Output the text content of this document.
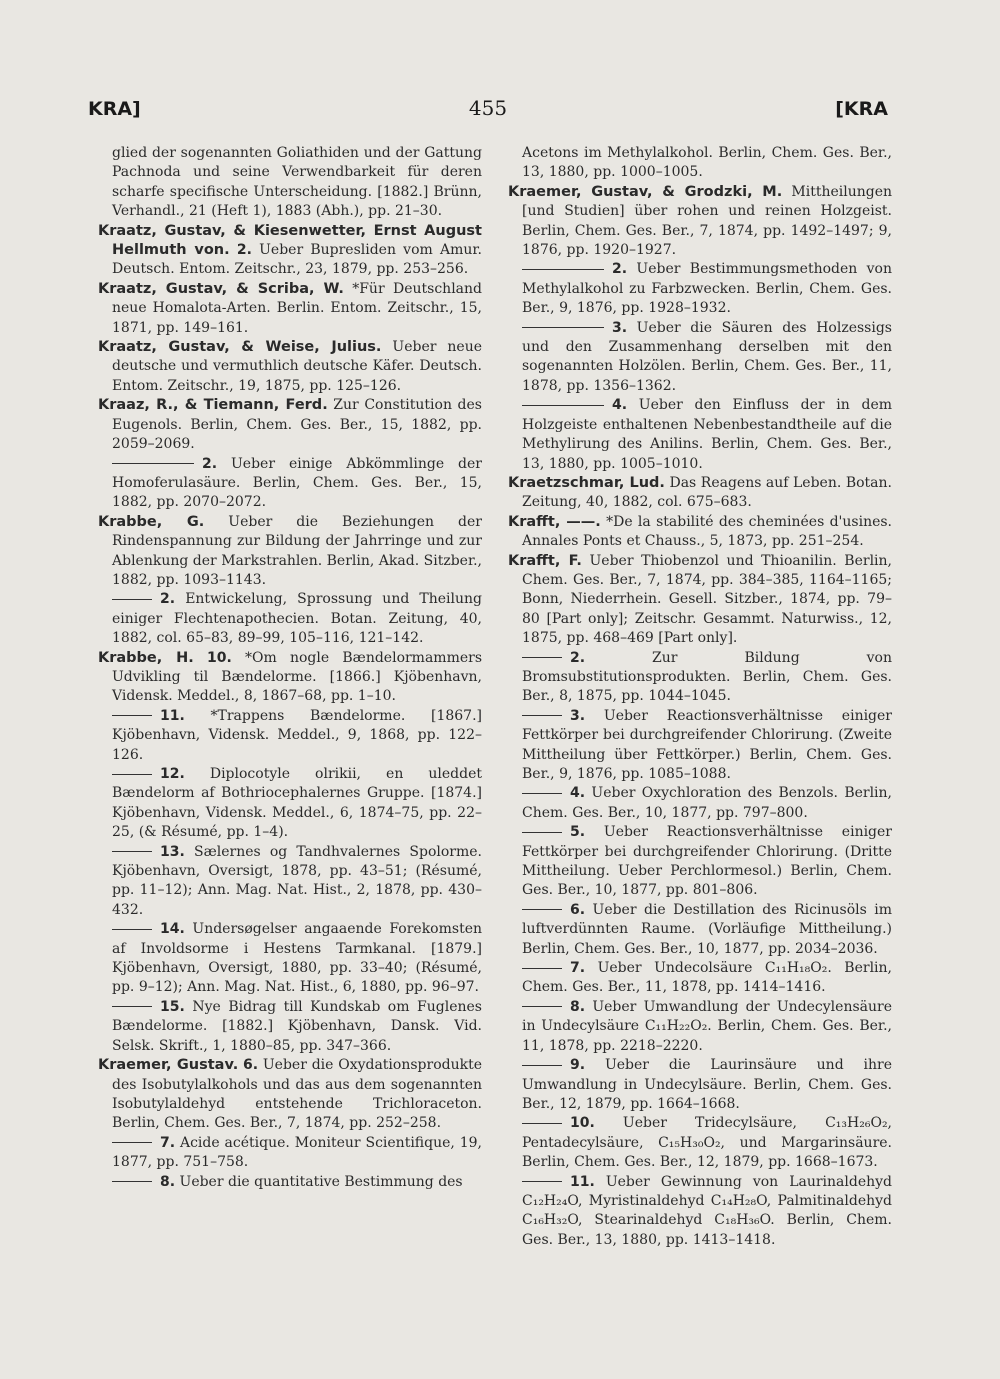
KRA]	455	[KRA
glied der sogenannten Goliathiden und der Gattung Pachnoda und seine Verwendbarkeit für deren scharfe specifische Unterscheidung. [1882.] Brünn, Verhandl., 21 (Heft 1), 1883 (Abh.), pp. 21–30.
Kraatz, Gustav, & Kiesenwetter, Ernst August Hellmuth von. 2. Ueber Bupresliden vom Amur. Deutsch. Entom. Zeitschr., 23, 1879, pp. 253–256.
Kraatz, Gustav, & Scriba, W. *Für Deutschland neue Homalota-Arten. Berlin. Entom. Zeitschr., 15, 1871, pp. 149–161.
Kraatz, Gustav, & Weise, Julius. Ueber neue deutsche und vermuthlich deutsche Käfer. Deutsch. Entom. Zeitschr., 19, 1875, pp. 125–126.
Kraaz, R., & Tiemann, Ferd. Zur Constitution des Eugenols. Berlin, Chem. Ges. Ber., 15, 1882, pp. 2059–2069.
2. Ueber einige Abkömmlinge der Homoferulasäure. Berlin, Chem. Ges. Ber., 15, 1882, pp. 2070–2072.
Krabbe, G. Ueber die Beziehungen der Rindenspannung zur Bildung der Jahrringe und zur Ablenkung der Markstrahlen. Berlin, Akad. Sitzber., 1882, pp. 1093–1143.
2. Entwickelung, Sprossung und Theilung einiger Flechtenapothecien. Botan. Zeitung, 40, 1882, col. 65–83, 89–99, 105–116, 121–142.
Krabbe, H. 10. *Om nogle Bændelormammers Udvikling til Bændelorme. [1866.] Kjöbenhavn, Vidensk. Meddel., 8, 1867–68, pp. 1–10.
11. *Trappens Bændelorme. [1867.] Kjöbenhavn, Vidensk. Meddel., 9, 1868, pp. 122–126.
12. Diplocotyle olrikii, en uleddet Bændelorm af Bothriocephalernes Gruppe. [1874.] Kjöbenhavn, Vidensk. Meddel., 6, 1874–75, pp. 22–25, (& Résumé, pp. 1–4).
13. Sælernes og Tandhvalernes Spolorme. Kjöbenhavn, Oversigt, 1878, pp. 43–51; (Résumé, pp. 11–12); Ann. Mag. Nat. Hist., 2, 1878, pp. 430–432.
14. Undersøgelser angaaende Forekomsten af Involdsorme i Hestens Tarmkanal. [1879.] Kjöbenhavn, Oversigt, 1880, pp. 33–40; (Résumé, pp. 9–12); Ann. Mag. Nat. Hist., 6, 1880, pp. 96–97.
15. Nye Bidrag till Kundskab om Fuglenes Bændelorme. [1882.] Kjöbenhavn, Dansk. Vid. Selsk. Skrift., 1, 1880–85, pp. 347–366.
Kraemer, Gustav. 6. Ueber die Oxydationsprodukte des Isobutylalkohols und das aus dem sogenannten Isobutylaldehyd entstehende Trichloraceton. Berlin, Chem. Ges. Ber., 7, 1874, pp. 252–258.
7. Acide acétique. Moniteur Scientifique, 19, 1877, pp. 751–758.
8. Ueber die quantitative Bestimmung des
Acetons im Methylalkohol. Berlin, Chem. Ges. Ber., 13, 1880, pp. 1000–1005.
Kraemer, Gustav, & Grodzki, M. Mittheilungen [und Studien] über rohen und reinen Holzgeist. Berlin, Chem. Ges. Ber., 7, 1874, pp. 1492–1497; 9, 1876, pp. 1920–1927.
2. Ueber Bestimmungsmethoden von Methylalkohol zu Farbzwecken. Berlin, Chem. Ges. Ber., 9, 1876, pp. 1928–1932.
3. Ueber die Säuren des Holzessigs und den Zusammenhang derselben mit den sogenannten Holzölen. Berlin, Chem. Ges. Ber., 11, 1878, pp. 1356–1362.
4. Ueber den Einfluss der in dem Holzgeiste enthaltenen Nebenbestandtheile auf die Methylirung des Anilins. Berlin, Chem. Ges. Ber., 13, 1880, pp. 1005–1010.
Kraetzschmar, Lud. Das Reagens auf Leben. Botan. Zeitung, 40, 1882, col. 675–683.
Krafft, ——. *De la stabilité des cheminées d'usines. Annales Ponts et Chauss., 5, 1873, pp. 251–254.
Krafft, F. Ueber Thiobenzol und Thioanilin. Berlin, Chem. Ges. Ber., 7, 1874, pp. 384–385, 1164–1165; Bonn, Niederrhein. Gesell. Sitzber., 1874, pp. 79–80 [Part only]; Zeitschr. Gesammt. Naturwiss., 12, 1875, pp. 468–469 [Part only].
2.	Zur Bildung von Bromsubstitutionsprodukten. Berlin, Chem. Ges. Ber., 8, 1875, pp. 1044–1045.
3. Ueber Reactionsverhältnisse einiger Fettkörper bei durchgreifender Chlorirung. (Zweite Mittheilung über Fettkörper.) Berlin, Chem. Ges. Ber., 9, 1876, pp. 1085–1088.
4. Ueber Oxychloration des Benzols. Berlin, Chem. Ges. Ber., 10, 1877, pp. 797–800.
5. Ueber Reactionsverhältnisse einiger Fettkörper bei durchgreifender Chlorirung. (Dritte Mittheilung. Ueber Perchlormesol.) Berlin, Chem. Ges. Ber., 10, 1877, pp. 801–806.
6. Ueber die Destillation des Ricinusöls im luftverdünnten Raume. (Vorläufige Mittheilung.) Berlin, Chem. Ges. Ber., 10, 1877, pp. 2034–2036.
7. Ueber Undecolsäure C₁₁H₁₈O₂. Berlin, Chem. Ges. Ber., 11, 1878, pp. 1414–1416.
8. Ueber Umwandlung der Undecylensäure in Undecylsäure C₁₁H₂₂O₂. Berlin, Chem. Ges. Ber., 11, 1878, pp. 2218–2220.
9. Ueber die Laurinsäure und ihre Umwandlung in Undecylsäure. Berlin, Chem. Ges. Ber., 12, 1879, pp. 1664–1668.
10. Ueber Tridecylsäure, C₁₃H₂₆O₂, Pentadecylsäure, C₁₅H₃₀O₂, und Margarinsäure. Berlin, Chem. Ges. Ber., 12, 1879, pp. 1668–1673.
11. Ueber Gewinnung von Laurinaldehyd C₁₂H₂₄O, Myristinaldehyd C₁₄H₂₈O, Palmitinaldehyd C₁₆H₃₂O, Stearinaldehyd C₁₈H₃₆O. Berlin, Chem. Ges. Ber., 13, 1880, pp. 1413–1418.
